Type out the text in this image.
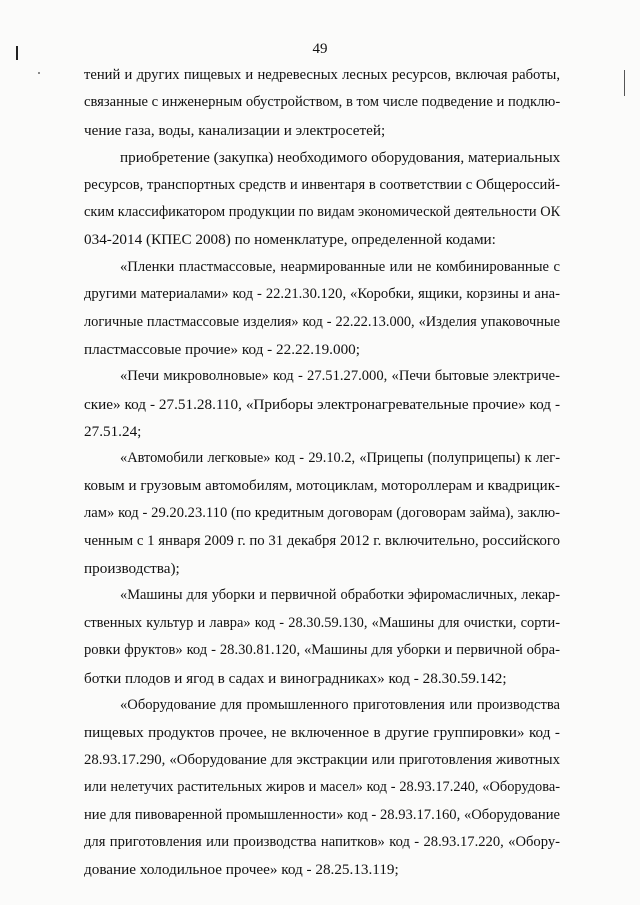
49
тений и других пищевых и недревесных лесных ресурсов, включая работы,
связанные с инженерным обустройством, в том числе подведение и подклю-
чение газа, воды, канализации и электросетей;
приобретение (закупка) необходимого оборудования, материальных
ресурсов, транспортных средств и инвентаря в соответствии с Общероссий-
ским классификатором продукции по видам экономической деятельности ОК
034-2014 (КПЕС 2008) по номенклатуре, определенной кодами:
«Пленки пластмассовые, неармированные или не комбинированные с
другими материалами» код - 22.21.30.120, «Коробки, ящики, корзины и ана-
логичные пластмассовые изделия» код - 22.22.13.000, «Изделия упаковочные
пластмассовые прочие» код - 22.22.19.000;
«Печи микроволновые» код - 27.51.27.000, «Печи бытовые электриче-
ские» код - 27.51.28.110, «Приборы электронагревательные прочие» код -
27.51.24;
«Автомобили легковые» код - 29.10.2, «Прицепы (полуприцепы) к лег-
ковым и грузовым автомобилям, мотоциклам, мотороллерам и квадрицик-
лам» код - 29.20.23.110 (по кредитным договорам (договорам займа), заклю-
ченным с 1 января 2009 г. по 31 декабря 2012 г. включительно, российского
производства);
«Машины для уборки и первичной обработки эфиромасличных, лекар-
ственных культур и лавра» код - 28.30.59.130, «Машины для очистки, сорти-
ровки фруктов» код - 28.30.81.120, «Машины для уборки и первичной обра-
ботки плодов и ягод в садах и виноградниках» код - 28.30.59.142;
«Оборудование для промышленного приготовления или производства
пищевых продуктов прочее, не включенное в другие группировки» код -
28.93.17.290, «Оборудование для экстракции или приготовления животных
или нелетучих растительных жиров и масел» код - 28.93.17.240, «Оборудова-
ние для пивоваренной промышленности» код - 28.93.17.160, «Оборудование
для приготовления или производства напитков» код - 28.93.17.220, «Обору-
дование холодильное прочее» код - 28.25.13.119;
